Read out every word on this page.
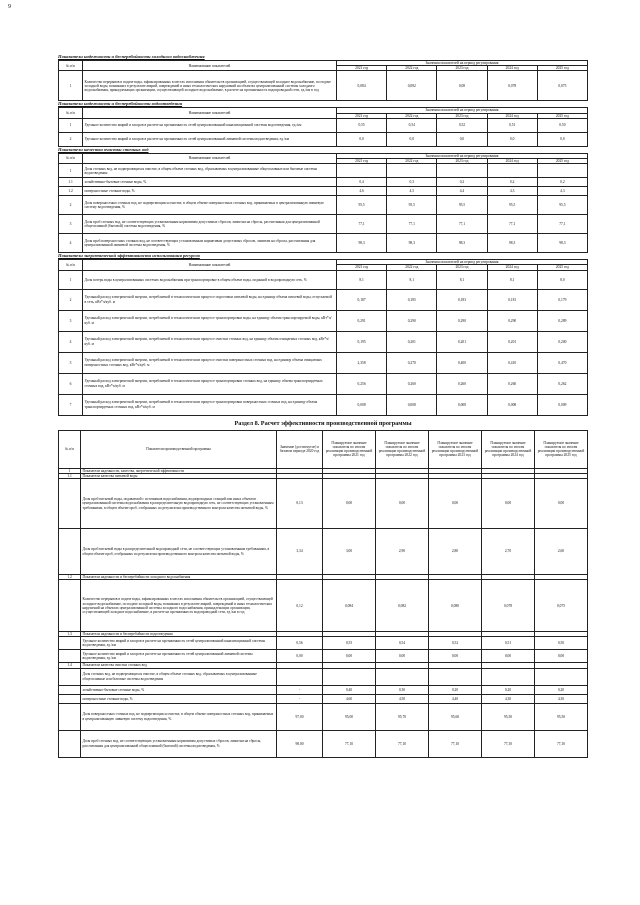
9

Показатели надежности и бесперебойности холодного водоснабжения

№ п/п	Наименование показателей	Значения показателей на период регулирования				
		2021 год	2022 год	2023 год	2024 год	2025 год
1	Количество перерывов в подаче воды, зафиксированных в местах исполнения обязательств организацией, осуществляющей холодное водоснабжение, по подаче холодной воды, возникших в результате аварий, повреждений и иных технологических нарушений на объектах централизованной системы холодного водоснабжения, принадлежащих организации, осуществляющей холодное водоснабжение, в расчете на протяженность водопроводной сети, ед./км в год	0,084	0,082	0,08	0,078	0,075

Показатели надежности и бесперебойности водоотведения

№ п/п	Наименование показателей	Значения показателей на период регулирования				
		2021 год	2022 год	2023 год	2024 год	2025 год
1	Удельное количество аварий и засоров в расчете на протяженность сетей централизованной канализационной системы водоотведения, ед./км	0,55	0,54	0,52	0,51	0,50
2	Удельное количество аварий и засоров в расчете на протяженность сетей централизованной ливневой системы водоотведения, ед./км	0,0	0,0	0,0	0,0	0,0

Показатели качества очистки сточных вод

№ п/п	Наименование показателей	Значения показателей на период регулирования				
		2021 год	2022 год	2023 год	2024 год	2025 год
1	Доля сточных вод, не подвергающихся очистке, в общем объеме сточных вод, сбрасываемых в централизованные общесплавные или бытовые системы водоотведения:					
1.1	хозяйственно-бытовые сточные воды, %	0,4	0,3	0,2	0,2	0,2
1.2	поверхностные сточные воды, %	4,6	4,5	4,4	4,3	4,3
2	Доля поверхностных сточных вод, не подвергающихся очистке, в общем объеме поверхностных сточных вод, принимаемых в централизованную ливневую систему водоотведения, %	95,5	95,5	95,5	95,5	95,5
3	Доля проб сточных вод, не соответствующих установленным нормативам допустимых сбросов, лимитам на сбросы, рассчитанная для централизованной общесплавной (бытовой) системы водоотведения, %	77,1	77,1	77,1	77,1	77,1
4	Доля проб поверхностных сточных вод, не соответствующих установленным нормативам допустимых сбросов, лимитам на сбросы, рассчитанная для централизованной ливневой системы водоотведения, %	98,3	98,3	98,3	98,3	98,3

Показатели энергетической эффективности использования ресурсов

№ п/п	Наименование показателей	Значения показателей на период регулирования				
		2021 год	2022 год	2023 год	2024 год	2025 год
1	Доля потерь воды в централизованных системах водоснабжения при транспортировке в общем объеме воды, поданной в водопроводную сеть, %	8,1	8,1	8,1	8,1	8,0
2	Удельный расход электрической энергии, потребляемой в технологическом процессе подготовки питьевой воды, на единицу объема питьевой воды, отпускаемой в сеть, кВт*ч/куб. м	0,187	0,185	0,183	0,181	0,179
3	Удельный расход электрической энергии, потребляемой в технологическом процессе транспортировки воды, на единицу объема транспортируемой воды, кВт*ч/куб. м	0,291	0,290	0,290	0,290	0,289
4	Удельный расход электрической энергии, потребляемой в технологическом процессе очистки сточных вод, на единицу объема очищаемых сточных вод, кВт*ч/куб. м	0,195	0,201	0,201	0,201	0,200
5	Удельный расход электрической энергии, потребляемой в технологическом процессе очистки поверхностных сточных вод, на единицу объема очищаемых поверхностных сточных вод, кВт*ч/куб. м	2,358	0,270	0,400	0,410	0,470
6	Удельный расход электрической энергии, потребляемой в технологическом процессе транспортировки сточных вод, на единицу объема транспортируемых сточных вод, кВт*ч/куб. м	0,256	0,260	0,260	0,260	0,262
7	Удельный расход электрической энергии, потребляемой в технологическом процессе транспортировки поверхностных сточных вод, на единицу объема транспортируемых сточных вод, кВт*ч/куб. м	0,008	0,008	0,008	0,008	0,009
Раздел 8. Расчет эффективности производственной программы
№ п/п	Показатели производственной программы	Значение (достигнутое) в базовом периоде 2020 год	Планируемое значение показателя по итогам реализации производственной программы 2021 год	Планируемое значение показателя по итогам реализации производственной программы 2022 год	Планируемое значение показателя по итогам реализации производственной программы 2023 год	Планируемое значение показателя по итогам реализации производственной программы 2024 год	Планируемое значение показателя по итогам реализации производственной программы 2025 год
1	Показатели надежности, качества, энергетической эффективности						
1.1	Показатели качества питьевой воды						
	Доля проб питьевой воды, подаваемой с источников водоснабжения, водопроводных станций или иных объектов централизованной системы водоснабжения в распределительную водопроводную сеть, не соответствующих установленным требованиям, в общем объеме проб, отобранных по результатам производственного контроля качества питьевой воды, %	0,13	0,00	0,00	0,00	0,00	0,00
	Доля проб питьевой воды в распределительной водопроводной сети, не соответствующих установленным требованиям, в общем объеме проб, отобранных по результатам производственного контроля качества питьевой воды, %	3,34	3,00	2,90	2,80	2,70	2,60
1.2	Показатели надежности и бесперебойности холодного водоснабжения						
	Количество перерывов в подаче воды, зафиксированных в местах исполнения обязательств организацией, осуществляющей холодное водоснабжение, по подаче холодной воды, возникших в результате аварий, повреждений и иных технологических нарушений на объектах централизованной системы холодного водоснабжения, принадлежащих организации, осуществляющей холодное водоснабжение, в расчете на протяженность водопроводной сети, ед./км в год	0,12	0,084	0,082	0,080	0,078	0,075
1.3	Показатели надежности и бесперебойности водоотведения						
	Удельное количество аварий и засоров в расчете на протяженность сетей централизованной канализационной системы водоотведения, ед./км	0,56	0,55	0,54	0,52	0,51	0,50
	Удельное количество аварий и засоров в расчете на протяженность сетей централизованной ливневой системы водоотведения, ед./км	0,00	0,00	0,00	0,00	0,00	0,00
1.4	Показатели качества очистки сточных вод						
	Доля сточных вод, не подвергающихся очистке, в общем объеме сточных вод, сбрасываемых в централизованные общесплавные или бытовые системы водоотведения						
	хозяйственно-бытовые сточные воды, %	-	0,40	0,30	0,20	0,20	0,20
	поверхностные сточные воды, %	-	4,60	4,50	4,40	4,30	4,30
	Доля поверхностных сточных вод, не подвергающихся очистке, в общем объеме поверхностных сточных вод, принимаемых в централизованную ливневую систему водоотведения, %	97,00	95,00	95,70	95,60	95,50	95,50
	Доля проб сточных вод, не соответствующих установленным нормативам допустимых сбросов, лимитам на сбросы, рассчитанная для централизованной общесплавной (бытовой) системы водоотведения, %	98,00	77,10	77,10	77,10	77,10	77,10
